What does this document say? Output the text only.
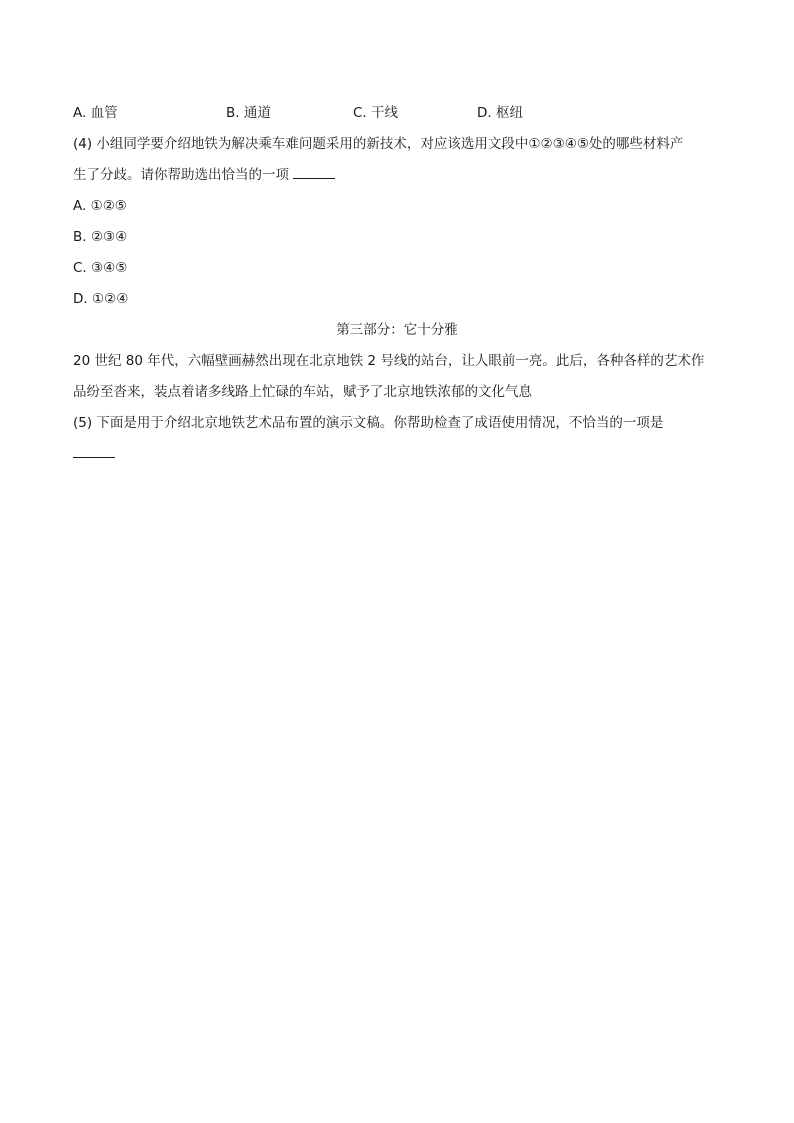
A. 血管	B. 通道	C. 干线	D. 枢纽
(4) 小组同学要介绍地铁为解决乘车难问题采用的新技术，对应该选用文段中①②③④⑤处的哪些材料产
生了分歧。请你帮助选出恰当的一项
A. ①②⑤
B. ②③④
C. ③④⑤
D. ①②④
第三部分：它十分雅
20 世纪 80 年代，六幅壁画赫然出现在北京地铁 2 号线的站台，让人眼前一亮。此后，各种各样的艺术作
品纷至沓来，装点着诸多线路上忙碌的车站，赋予了北京地铁浓郁的文化气息
(5) 下面是用于介绍北京地铁艺术品布置的演示文稿。你帮助检查了成语使用情况，不恰当的一项是
